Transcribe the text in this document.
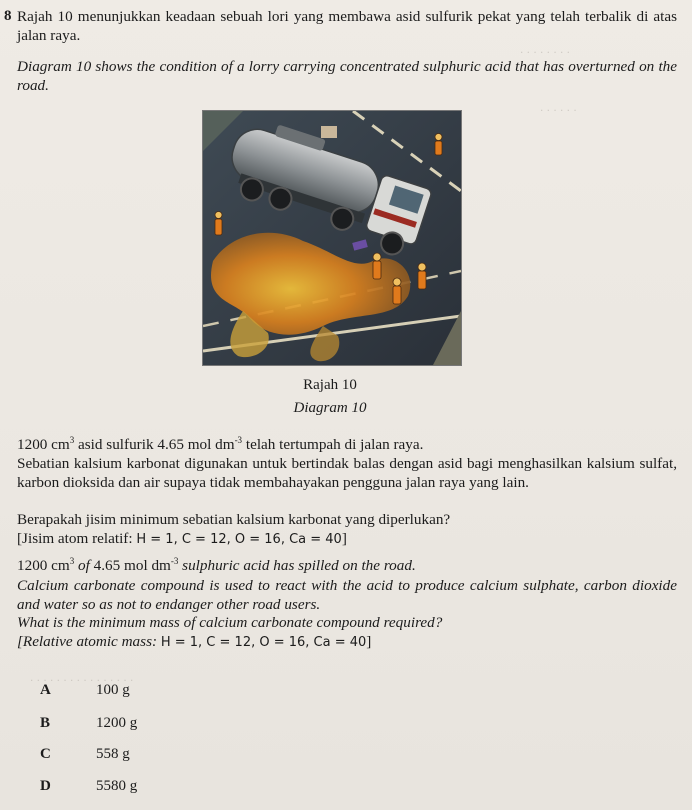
. . . . . . . .
. . . . . .
. . . . . . . . . . . . . . . .
8 Rajah 10 menunjukkan keadaan sebuah lori yang membawa asid sulfurik pekat yang telah terbalik di atas jalan raya.
Diagram 10 shows the condition of a lorry carrying concentrated sulphuric acid that has overturned on the road.
Rajah 10
Diagram 10
1200 $cm^3$ asid sulfurik 4.65 mol $dm^{-3}$ telah tertumpah di jalan raya.
Sebatian kalsium karbonat digunakan untuk bertindak balas dengan asid bagi menghasilkan kalsium sulfat, karbon dioksida dan air supaya tidak membahayakan pengguna jalan raya yang lain.
Berapakah jisim minimum sebatian kalsium karbonat yang diperlukan?
[Jisim atom relatif: H = 1, C = 12, O = 16, Ca = 40]
1200 $cm^3$ of 4.65 mol $dm^{-3}$ sulphuric acid has spilled on the road.
Calcium carbonate compound is used to react with the acid to produce calcium sulphate, carbon dioxide and water so as not to endanger other road users.
What is the minimum mass of calcium carbonate compound required?
[Relative atomic mass: H = 1, C = 12, O = 16, Ca = 40]
A	100 g
B	1200 g
C	558 g
D	5580 g
